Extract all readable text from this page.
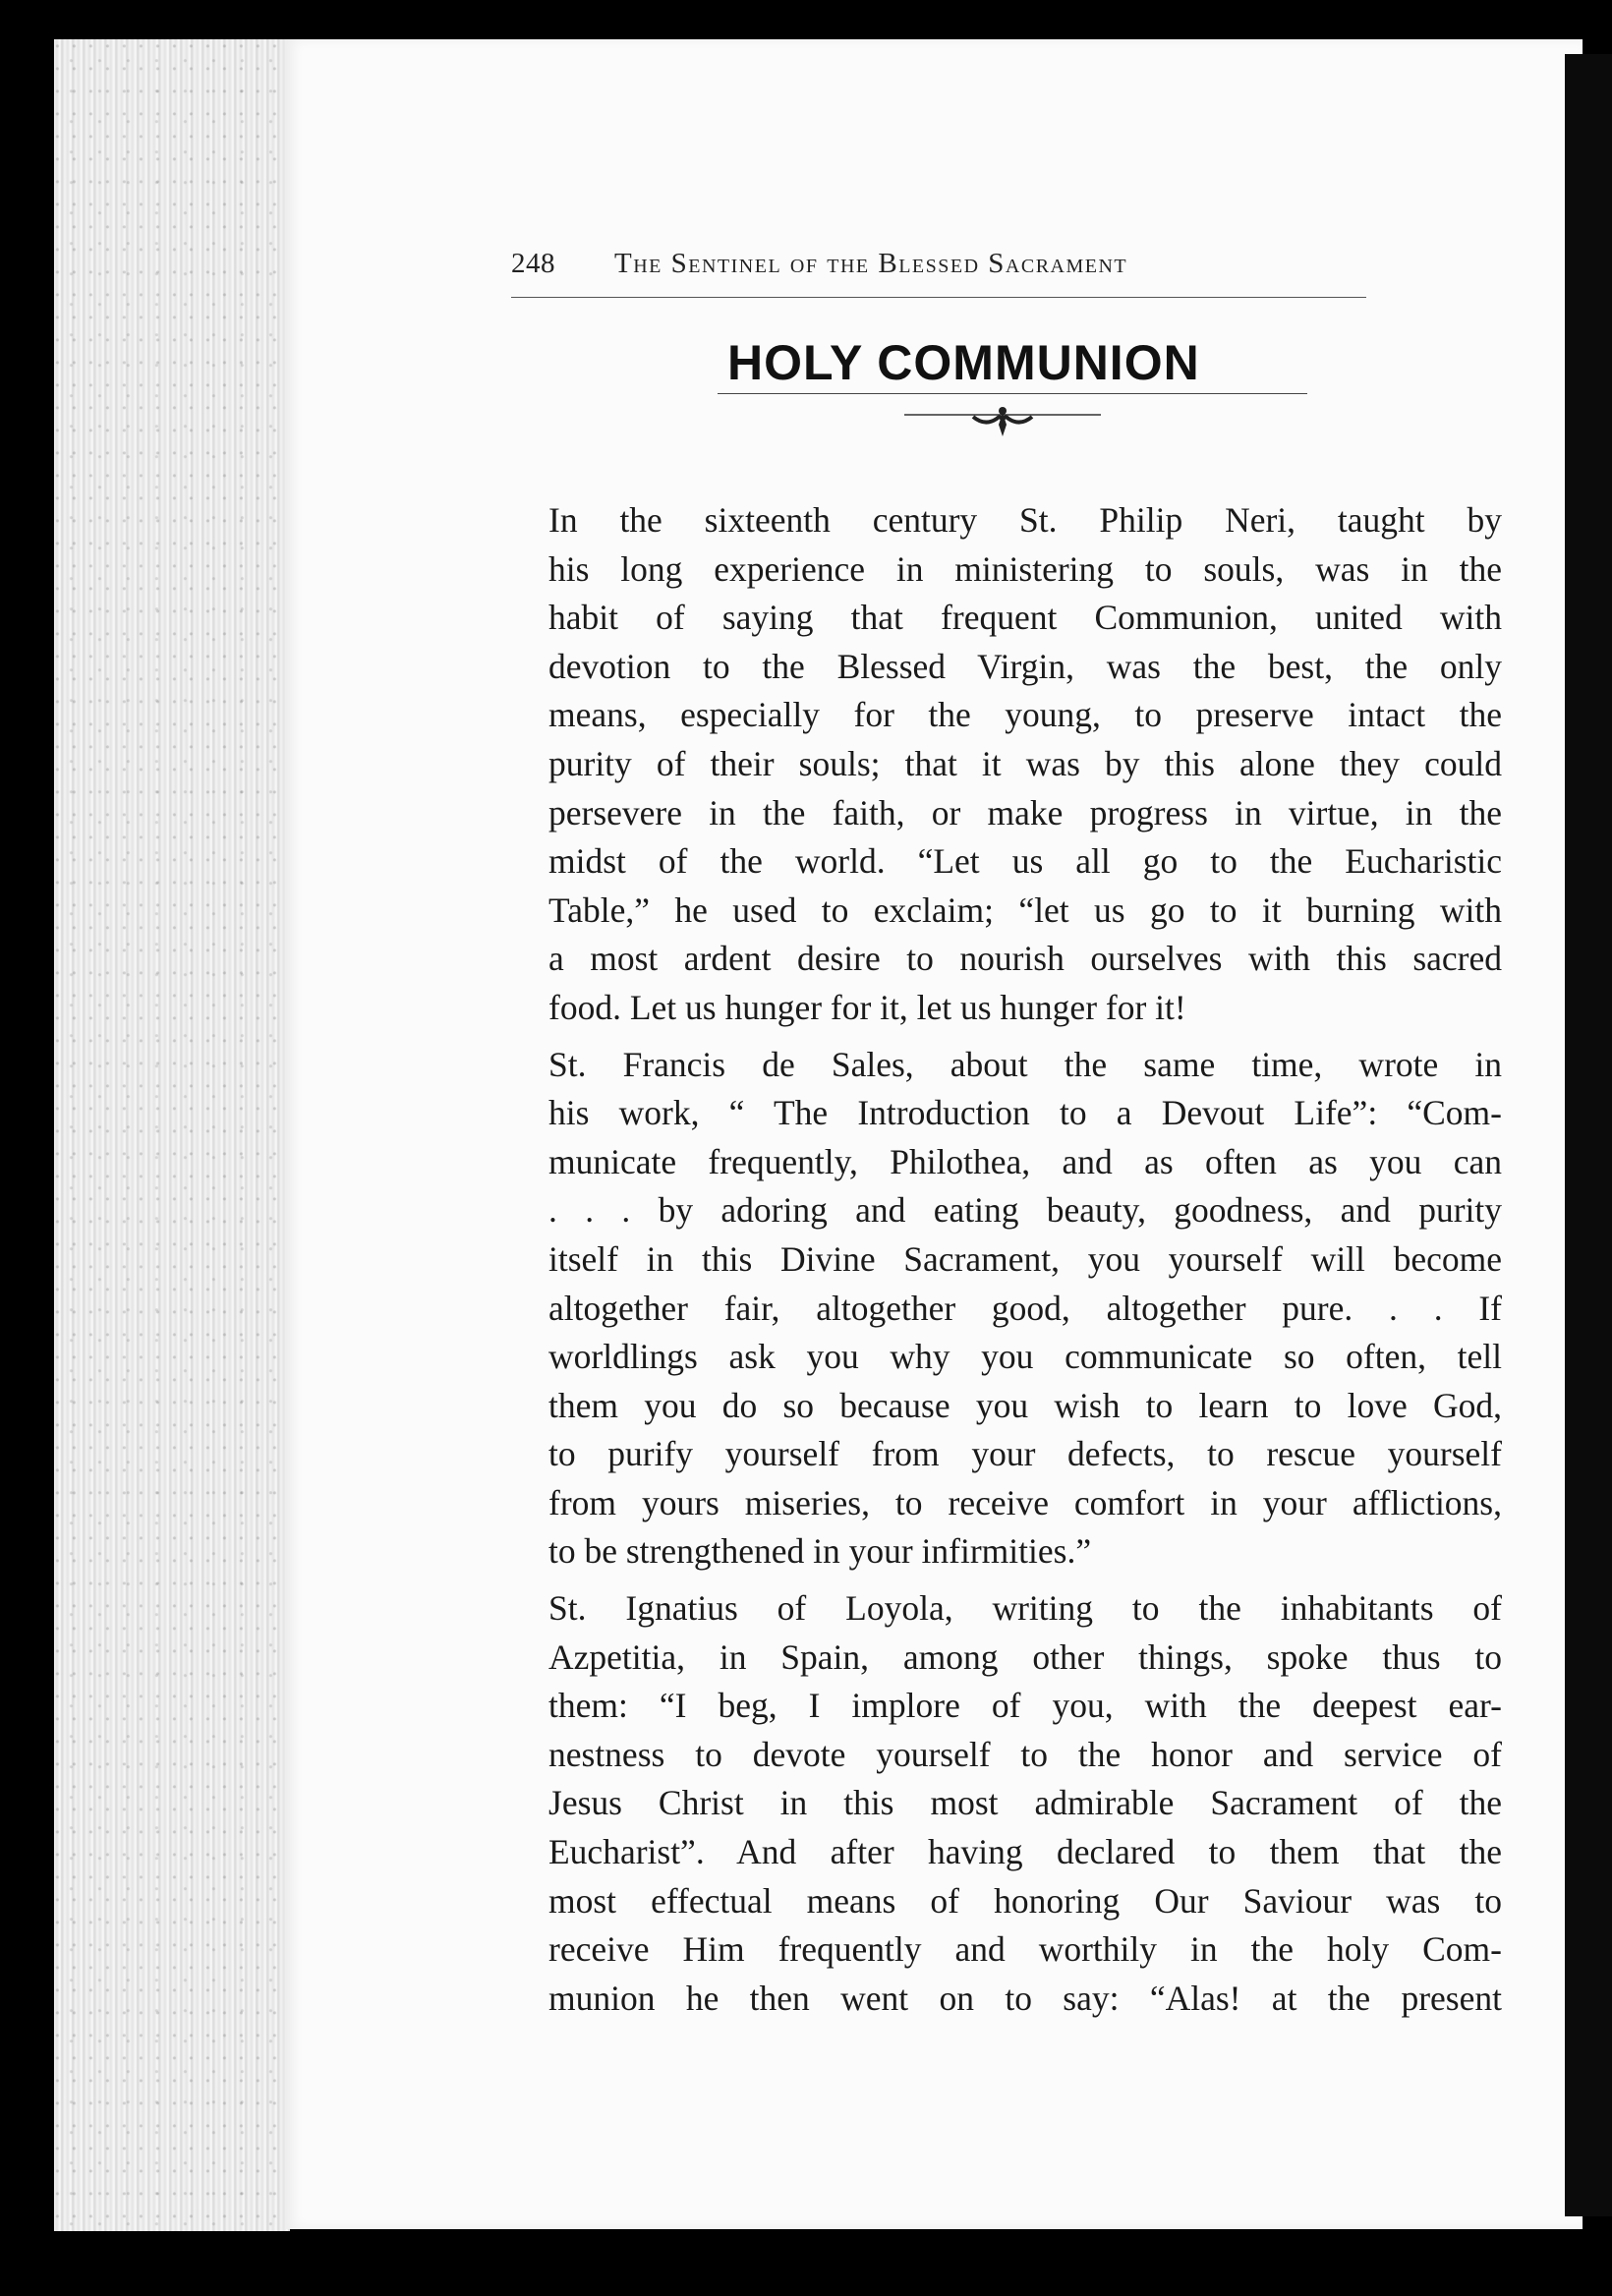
248 The Sentinel of the Blessed Sacrament
HOLY COMMUNION

In the sixteenth century St. Philip Neri, taught by
his long experience in ministering to souls, was in the
habit of saying that frequent Communion, united with
devotion to the Blessed Virgin, was the best, the only
means, especially for the young, to preserve intact the
purity of their souls; that it was by this alone they could
persevere in the faith, or make progress in virtue, in the
midst of the world. “Let us all go to the Eucharistic
Table,” he used to exclaim; “let us go to it burning with
a most ardent desire to nourish ourselves with this sacred
food. Let us hunger for it, let us hunger for it!

St. Francis de Sales, about the same time, wrote in
his work, “ The Introduction to a Devout Life”: “Com-
municate frequently, Philothea, and as often as you can
. . . by adoring and eating beauty, goodness, and purity
itself in this Divine Sacrament, you yourself will become
altogether fair, altogether good, altogether pure. . . If
worldlings ask you why you communicate so often, tell
them you do so because you wish to learn to love God,
to purify yourself from your defects, to rescue yourself
from yours miseries, to receive comfort in your afflictions,
to be strengthened in your infirmities.”

St. Ignatius of Loyola, writing to the inhabitants of
Azpetitia, in Spain, among other things, spoke thus to
them: “I beg, I implore of you, with the deepest ear-
nestness to devote yourself to the honor and service of
Jesus Christ in this most admirable Sacrament of the
Eucharist”. And after having declared to them that the
most effectual means of honoring Our Saviour was to
receive Him frequently and worthily in the holy Com-
munion he then went on to say: “Alas! at the present
